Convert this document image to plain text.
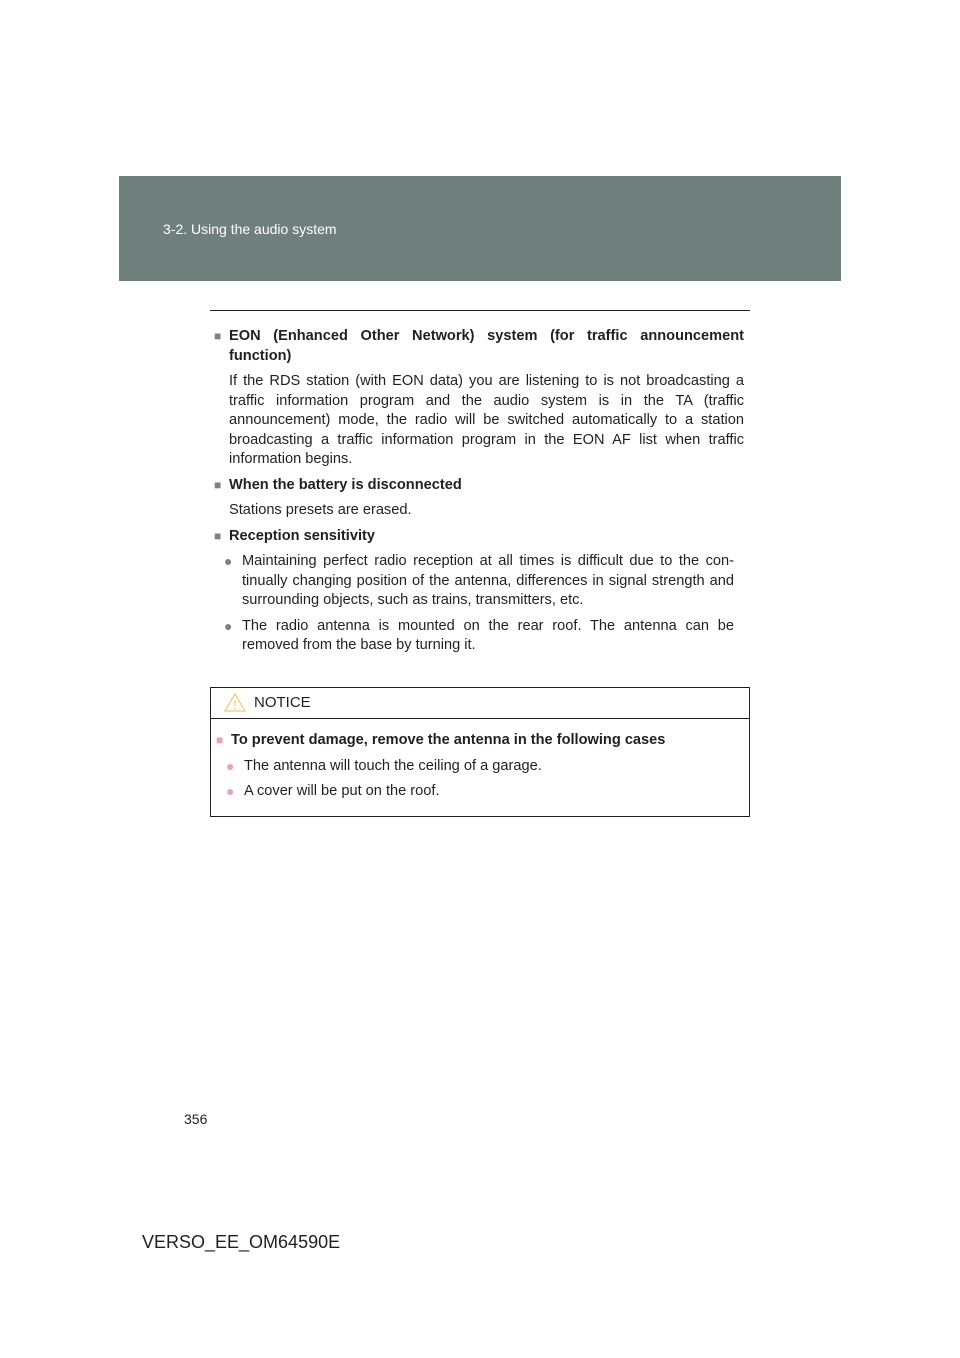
3-2. Using the audio system
■ EON (Enhanced Other Network) system (for traffic announcement function)
If the RDS station (with EON data) you are listening to is not broadcasting a traffic information program and the audio system is in the TA (traffic announcement) mode, the radio will be switched automatically to a station broadcasting a traffic information program in the EON AF list when traffic information begins.
■ When the battery is disconnected
Stations presets are erased.
■ Reception sensitivity
● Maintaining perfect radio reception at all times is difficult due to the con- tinually changing position of the antenna, differences in signal strength and surrounding objects, such as trains, transmitters, etc.
● The radio antenna is mounted on the rear roof. The antenna can be removed from the base by turning it.
NOTICE
■ To prevent damage, remove the antenna in the following cases
● The antenna will touch the ceiling of a garage.
● A cover will be put on the roof.
356
VERSO_EE_OM64590E
